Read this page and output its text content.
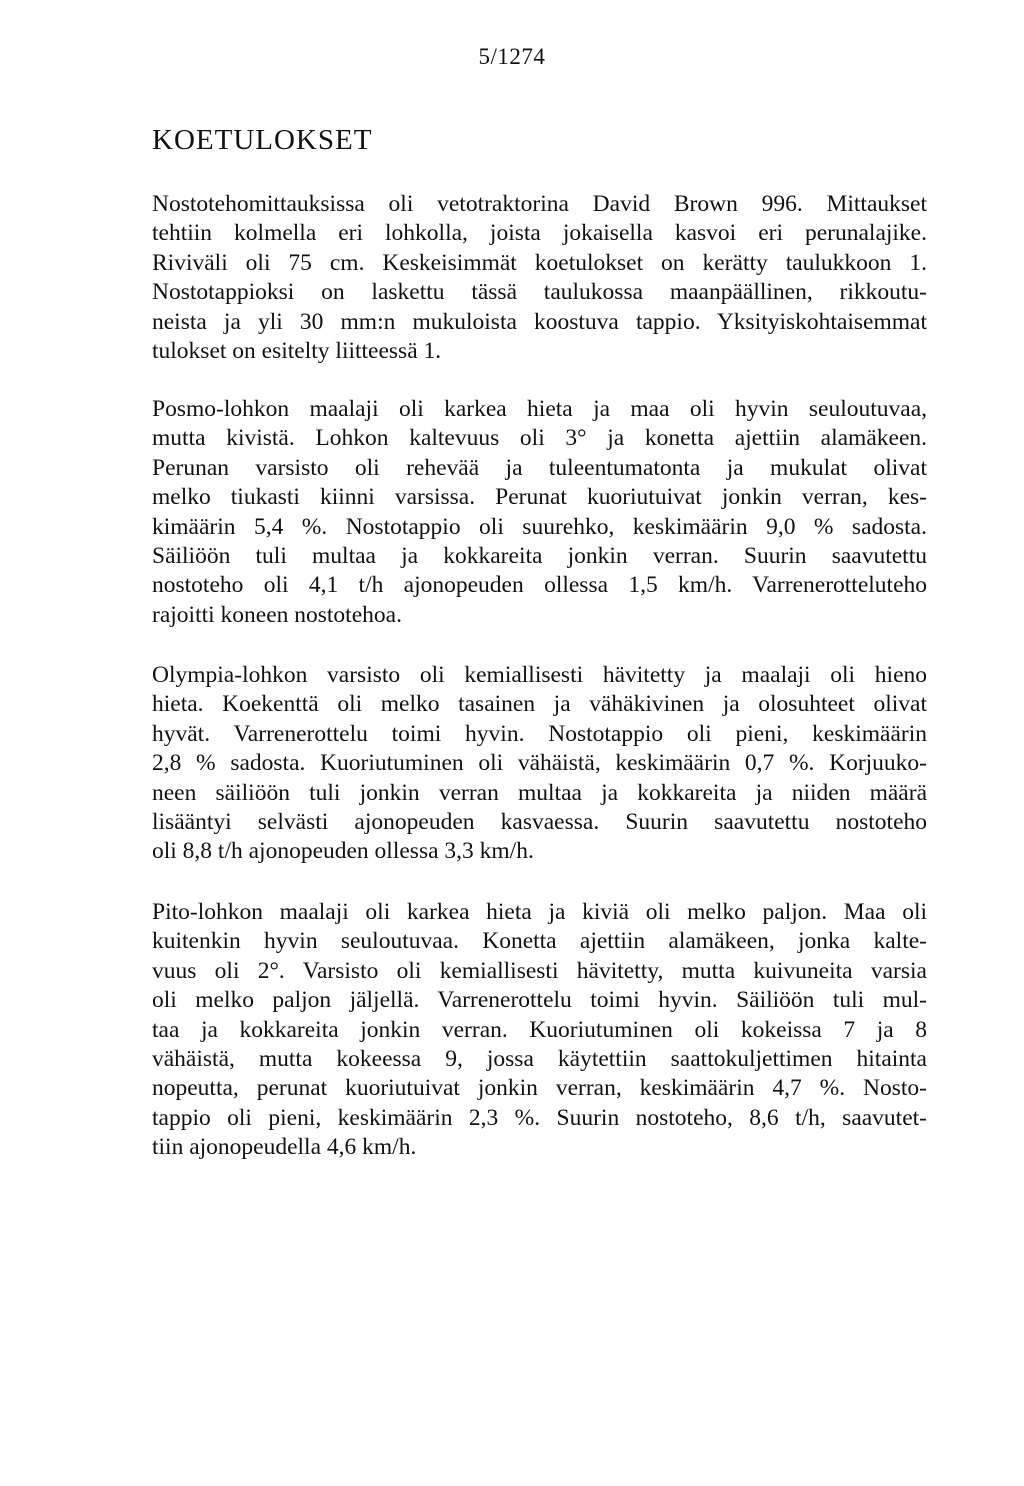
5/1274
KOETULOKSET

Nostotehomittauksissa oli vetotraktorina David Brown 996. Mittaukset
tehtiin kolmella eri lohkolla, joista jokaisella kasvoi eri perunalajike.
Riviväli oli 75 cm. Keskeisimmät koetulokset on kerätty taulukkoon 1.
Nostotappioksi on laskettu tässä taulukossa maanpäällinen, rikkoutu-
neista ja yli 30 mm:n mukuloista koostuva tappio. Yksityiskohtaisemmat
tulokset on esitelty liitteessä 1.

Posmo-lohkon maalaji oli karkea hieta ja maa oli hyvin seuloutuvaa,
mutta kivistä. Lohkon kaltevuus oli 3° ja konetta ajettiin alamäkeen.
Perunan varsisto oli rehevää ja tuleentumatonta ja mukulat olivat
melko tiukasti kiinni varsissa. Perunat kuoriutuivat jonkin verran, kes-
kimäärin 5,4 %. Nostotappio oli suurehko, keskimäärin 9,0 % sadosta.
Säiliöön tuli multaa ja kokkareita jonkin verran. Suurin saavutettu
nostoteho oli 4,1 t/h ajonopeuden ollessa 1,5 km/h. Varrenerotteluteho
rajoitti koneen nostotehoa.

Olympia-lohkon varsisto oli kemiallisesti hävitetty ja maalaji oli hieno
hieta. Koekenttä oli melko tasainen ja vähäkivinen ja olosuhteet olivat
hyvät. Varrenerottelu toimi hyvin. Nostotappio oli pieni, keskimäärin
2,8 % sadosta. Kuoriutuminen oli vähäistä, keskimäärin 0,7 %. Korjuuko-
neen säiliöön tuli jonkin verran multaa ja kokkareita ja niiden määrä
lisääntyi selvästi ajonopeuden kasvaessa. Suurin saavutettu nostoteho
oli 8,8 t/h ajonopeuden ollessa 3,3 km/h.

Pito-lohkon maalaji oli karkea hieta ja kiviä oli melko paljon. Maa oli
kuitenkin hyvin seuloutuvaa. Konetta ajettiin alamäkeen, jonka kalte-
vuus oli 2°. Varsisto oli kemiallisesti hävitetty, mutta kuivuneita varsia
oli melko paljon jäljellä. Varrenerottelu toimi hyvin. Säiliöön tuli mul-
taa ja kokkareita jonkin verran. Kuoriutuminen oli kokeissa 7 ja 8
vähäistä, mutta kokeessa 9, jossa käytettiin saattokuljettimen hitainta
nopeutta, perunat kuoriutuivat jonkin verran, keskimäärin 4,7 %. Nosto-
tappio oli pieni, keskimäärin 2,3 %. Suurin nostoteho, 8,6 t/h, saavutet-
tiin ajonopeudella 4,6 km/h.
